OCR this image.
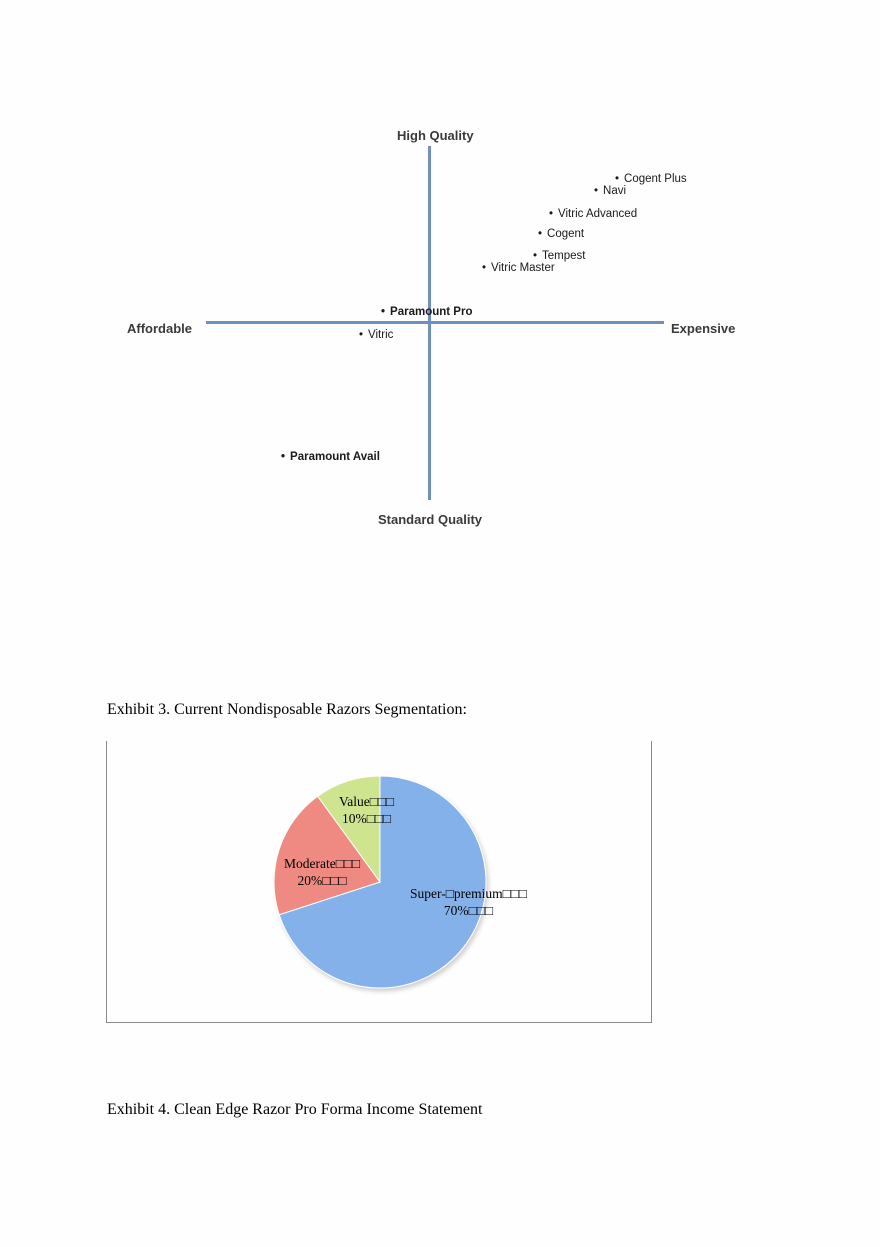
High Quality
Standard Quality
Affordable	Expensive
• Cogent Plus
• Navi
• Vitric Advanced
• Cogent
• Tempest
• Vitric Master
• Paramount Pro
• Vitric
• Paramount Avail
Exhibit 3. Current Nondisposable Razors Segmentation:
Super-□premium□□□
70%□□□
Moderate□□□
20%□□□
Value□□□
10%□□□
Exhibit 4. Clean Edge Razor Pro Forma Income Statement
